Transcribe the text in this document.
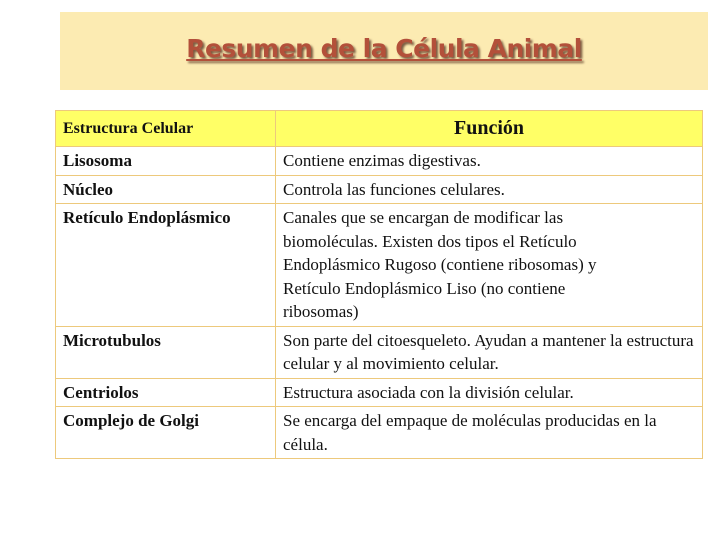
Resumen de la Célula Animal
Estructura Celular	Función
Lisosoma	Contiene enzimas digestivas.
Núcleo	Controla las funciones celulares.
Retículo Endoplásmico	Canales que se encargan de modificar las biomoléculas. Existen dos tipos el Retículo Endoplásmico Rugoso (contiene ribosomas) y Retículo Endoplásmico Liso (no contiene ribosomas)
Microtubulos	Son parte del citoesqueleto. Ayudan a mantener la estructura celular y al movimiento celular.
Centriolos	Estructura asociada con la división celular.
Complejo de Golgi	Se encarga del empaque de moléculas producidas en la célula.
